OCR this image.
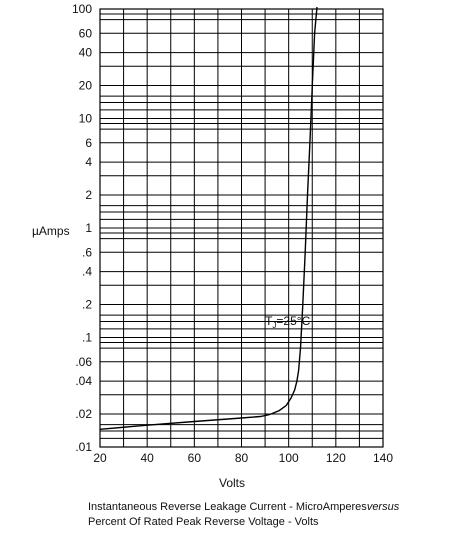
20	40	60	80	100 120 140
100
60
40
20
10
6
4
2
1
.6
.4
.2
.1
.06
.04
.02
.01
µAmps
Volts
$T_J=25^\circ C$
Instantaneous Reverse Leakage Current - MicroAmperesversus
Percent Of Rated Peak Reverse Voltage - Volts
